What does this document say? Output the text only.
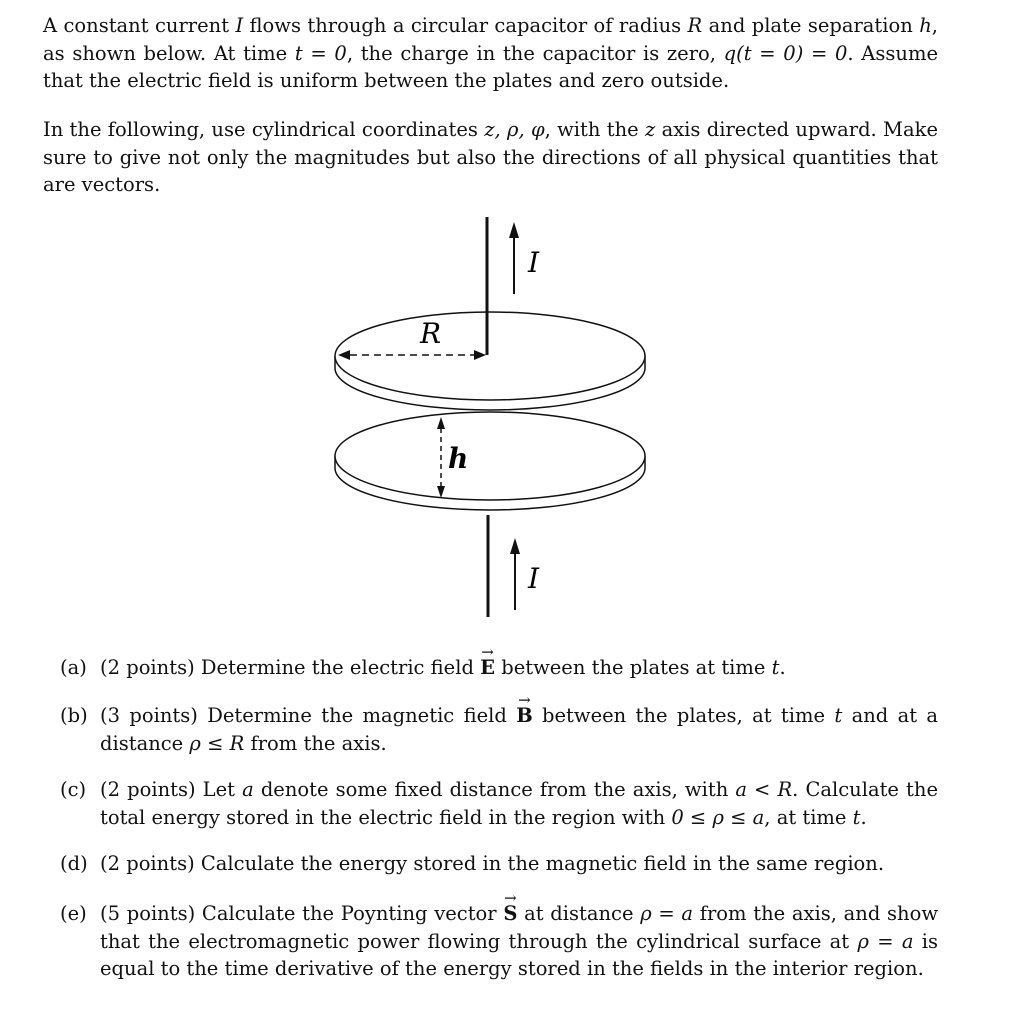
A constant current I flows through a circular capacitor of radius R and plate separation h, as shown below. At time t = 0, the charge in the capacitor is zero, q(t = 0) = 0. Assume that the electric field is uniform between the plates and zero outside.
In the following, use cylindrical coordinates z, ρ, φ, with the z axis directed upward. Make sure to give not only the magnitudes but also the directions of all physical quantities that are vectors.
I
R
h
I
(a) (2 points) Determine the electric field → E between the plates at time t.
(b) (3 points) Determine the magnetic field → B between the plates, at time t and at a distance ρ ≤ R from the axis.
(c) (2 points) Let a denote some fixed distance from the axis, with a < R. Calculate the total energy stored in the electric field in the region with 0 ≤ ρ ≤ a, at time t.
(d) (2 points) Calculate the energy stored in the magnetic field in the same region.
(e) (5 points) Calculate the Poynting vector → S at distance ρ = a from the axis, and show that the electromagnetic power flowing through the cylindrical surface at ρ = a is equal to the time derivative of the energy stored in the fields in the interior region.
